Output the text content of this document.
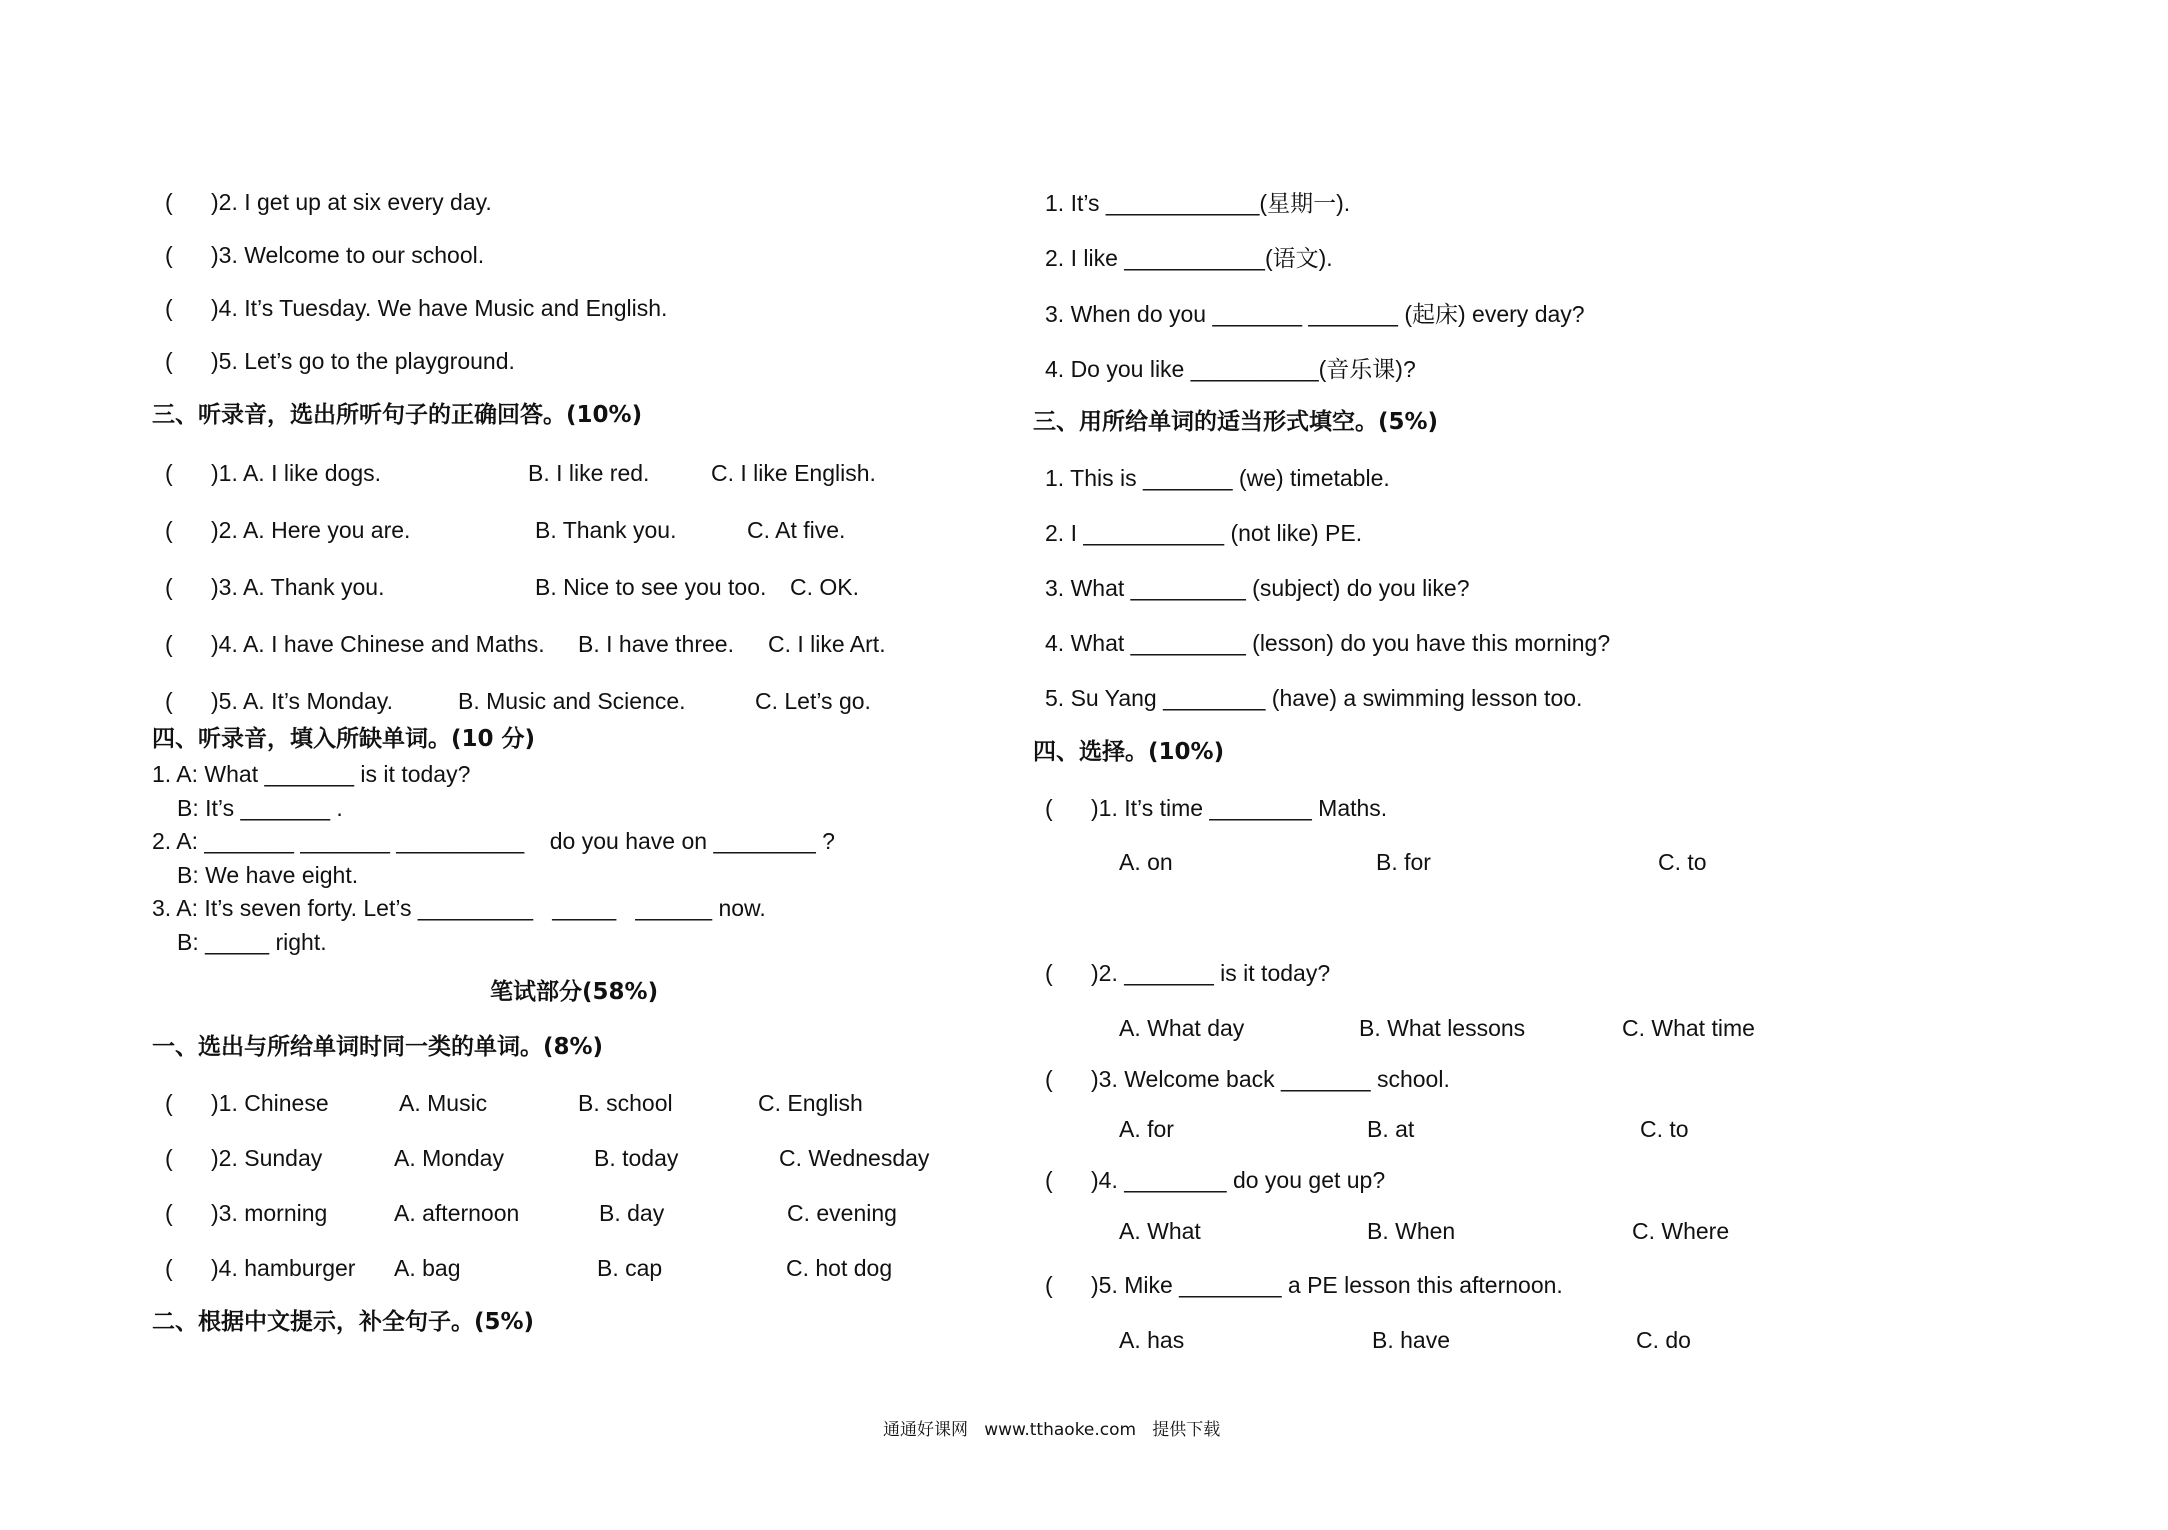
(      )2. I get up at six every day.
(      )3. Welcome to our school.
(      )4. It’s Tuesday. We have Music and English.
(      )5. Let’s go to the playground.
三、听录音，选出所听句子的正确回答。(10%)
(      )1. A. I like dogs.	B. I like red.	C. I like English.
(      )2. A. Here you are.	B. Thank you.	C. At five.
(      )3. A. Thank you.	B. Nice to see you too. C. OK.
(      )4. A. I have Chinese and Maths. B. I have three. C. I like Art.
(      )5. A. It’s Monday.	B. Music and Science.	C. Let’s go.
四、听录音，填入所缺单词。(10 分)
1. A: What _______ is it today?
B: It’s _______ .
2. A: _______ _______ __________    do you have on ________ ?
B: We have eight.
3. A: It’s seven forty. Let’s _________   _____   ______ now.
B: _____ right.
笔试部分(58%)
一、选出与所给单词时同一类的单词。(8%)
(      )1. Chinese	A. Music	B. school	C. English
(      )2. Sunday	A. Monday	B. today	C. Wednesday
(      )3. morning	A. afternoon	B. day	C. evening
(      )4. hamburger A. bag	B. cap	C. hot dog
二、根据中文提示，补全句子。(5%)
1. It’s ____________(星期一).
2. I like ___________(语文).
3. When do you _______ _______ (起床) every day?
4. Do you like __________(音乐课)?
三、用所给单词的适当形式填空。(5%)
1. This is _______ (we) timetable.
2. I ___________ (not like) PE.
3. What _________ (subject) do you like?
4. What _________ (lesson) do you have this morning?
5. Su Yang ________ (have) a swimming lesson too.
四、选择。(10%)
(      )1. It’s time ________ Maths.
A. on	B. for	C. to
(      )2. _______ is it today?
A. What day	B. What lessons	C. What time
(      )3. Welcome back _______ school.
A. for	B. at	C. to
(      )4. ________ do you get up?
A. What	B. When	C. Where
(      )5. Mike ________ a PE lesson this afternoon.
A. has	B. have	C. do
通通好课网   www.tthaoke.com   提供下载
